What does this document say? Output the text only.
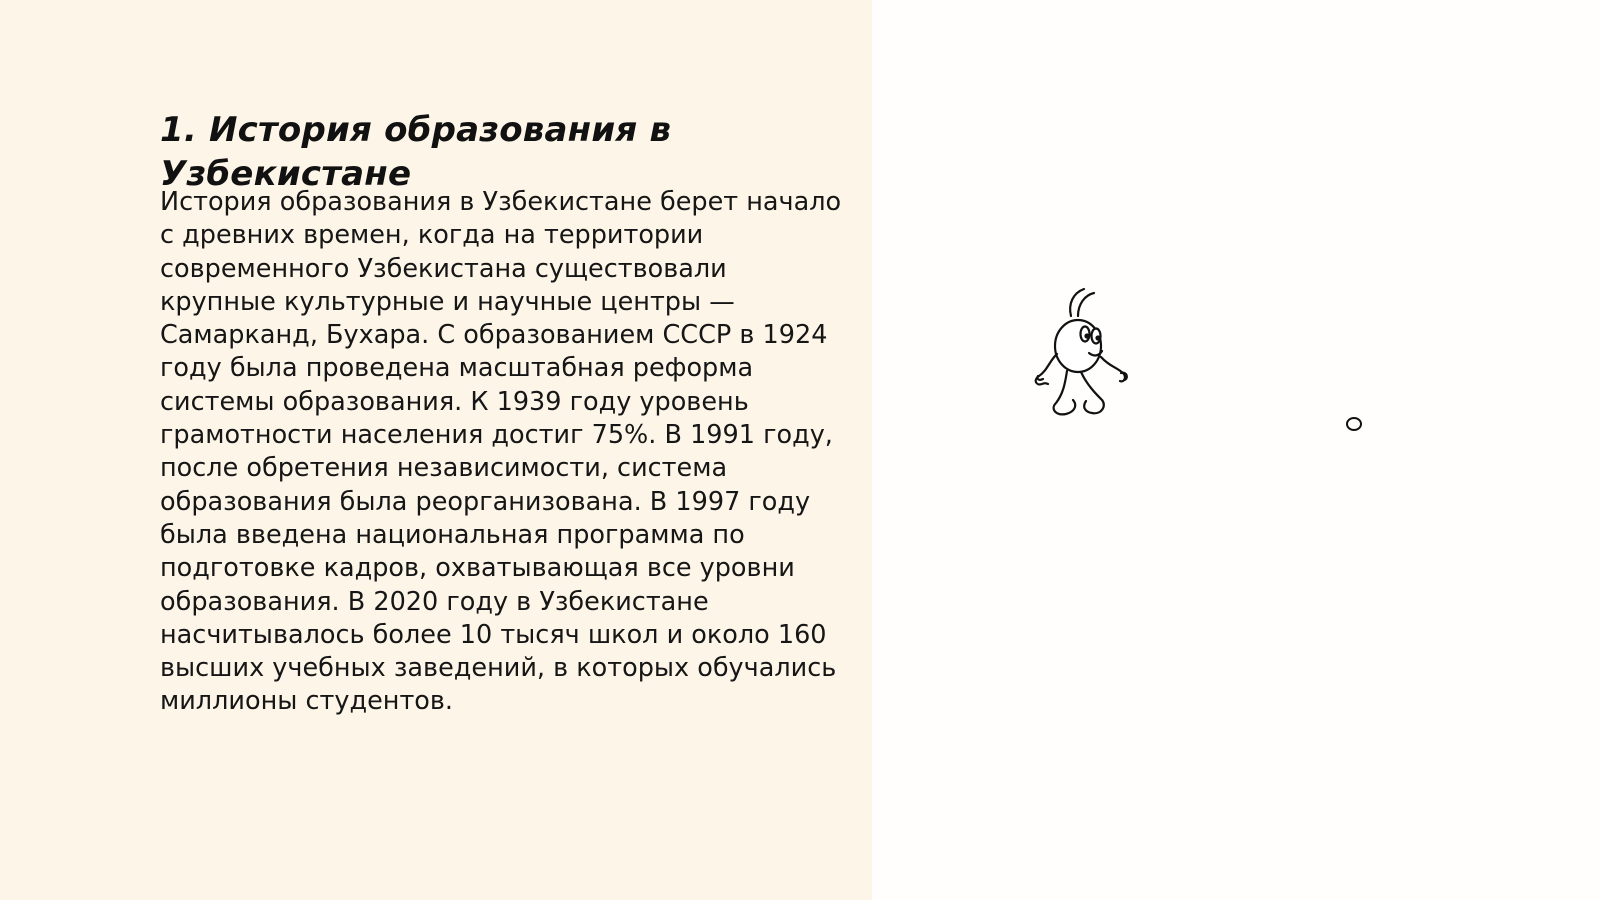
1. История образования в Узбекистане

История образования в Узбекистане берет начало с древних времен, когда на территории современного Узбекистана существовали крупные культурные и научные центры — Самарканд, Бухара. С образованием СССР в 1924 году была проведена масштабная реформа системы образования. К 1939 году уровень грамотности населения достиг 75%. В 1991 году, после обретения независимости, система образования была реорганизована. В 1997 году была введена национальная программа по подготовке кадров, охватывающая все уровни образования. В 2020 году в Узбекистане насчитывалось более 10 тысяч школ и около 160 высших учебных заведений, в которых обучались миллионы студентов.
